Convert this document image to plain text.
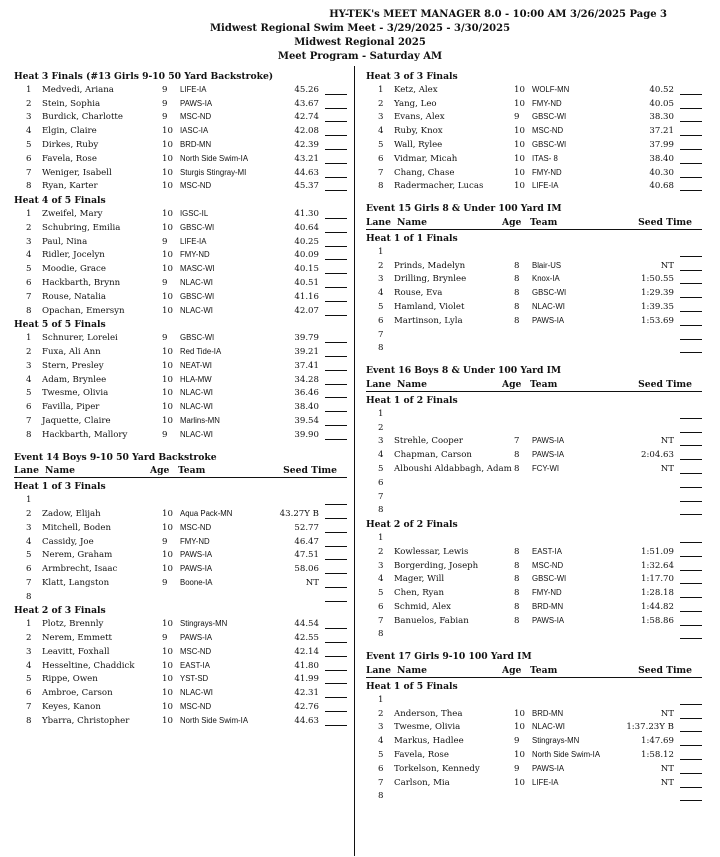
HY-TEK's MEET MANAGER 8.0 - 10:00 AM 3/26/2025 Page 3
Midwest Regional Swim Meet - 3/29/2025 - 3/30/2025
Midwest Regional 2025
Meet Program - Saturday AM
Heat 3 Finals (#13 Girls 9-10 50 Yard Backstroke)
1 Medvedi, Ariana	9 LIFE-IA	45.26
2 Stein, Sophia	9 PAWS-IA	43.67
3 Burdick, Charlotte	9 MSC-ND	42.74
4 Elgin, Claire	10 IASC-IA	42.08
5 Dirkes, Ruby	10 BRD-MN	42.39
6 Favela, Rose	10 North Side Swim-IA	43.21
7 Weniger, Isabell	10 Sturgis Stingray-MI	44.63
8 Ryan, Karter	10 MSC-ND	45.37
Heat 4 of 5 Finals
1 Zweifel, Mary	10 IGSC-IL	41.30
2 Schubring, Emilia	10 GBSC-WI	40.64
3 Paul, Nina	9 LIFE-IA	40.25
4 Ridler, Jocelyn	10 FMY-ND	40.09
5 Moodie, Grace	10 MASC-WI	40.15
6 Hackbarth, Brynn	9 NLAC-WI	40.51
7 Rouse, Natalia	10 GBSC-WI	41.16
8 Opachan, Emersyn	10 NLAC-WI	42.07
Heat 5 of 5 Finals
1 Schnurer, Lorelei	9 GBSC-WI	39.79
2 Fuxa, Ali Ann	10 Red Tide-IA	39.21
3 Stern, Presley	10 NEAT-WI	37.41
4 Adam, Brynlee	10 HLA-MW	34.28
5 Twesme, Olivia	10 NLAC-WI	36.46
6 Favilla, Piper	10 NLAC-WI	38.40
7 Jaquette, Claire	10 Marlins-MN	39.54
8 Hackbarth, Mallory	9 NLAC-WI	39.90
Event 14 Boys 9-10 50 Yard Backstroke
Lane Name	Age Team	Seed Time
Heat 1 of 3 Finals
1
2 Zadow, Elijah	10 Aqua Pack-MN	43.27Y B
3 Mitchell, Boden	10 MSC-ND	52.77
4 Cassidy, Joe	9 FMY-ND	46.47
5 Nerem, Graham	10 PAWS-IA	47.51
6 Armbrecht, Isaac	10 PAWS-IA	58.06
7 Klatt, Langston	9 Boone-IA	NT
8
Heat 2 of 3 Finals
1 Plotz, Brennly	10 Stingrays-MN	44.54
2 Nerem, Emmett	9 PAWS-IA	42.55
3 Leavitt, Foxhall	10 MSC-ND	42.14
4 Hesseltine, Chaddick	10 EAST-IA	41.80
5 Rippe, Owen	10 YST-SD	41.99
6 Ambroe, Carson	10 NLAC-WI	42.31
7 Keyes, Kanon	10 MSC-ND	42.76
8 Ybarra, Christopher	10 North Side Swim-IA	44.63
Heat 3 of 3 Finals
1 Ketz, Alex	10 WOLF-MN	40.52
2 Yang, Leo	10 FMY-ND	40.05
3 Evans, Alex	9 GBSC-WI	38.30
4 Ruby, Knox	10 MSC-ND	37.21
5 Wall, Rylee	10 GBSC-WI	37.99
6 Vidmar, Micah	10 ITAS- 8	38.40
7 Chang, Chase	10 FMY-ND	40.30
8 Radermacher, Lucas	10 LIFE-IA	40.68
Event 15 Girls 8 & Under 100 Yard IM
Lane Name	Age Team	Seed Time
Heat 1 of 1 Finals
1
2 Prinds, Madelyn	8 Blair-US	NT
3 Drilling, Brynlee	8 Knox-IA	1:50.55
4 Rouse, Eva	8 GBSC-WI	1:29.39
5 Hamland, Violet	8 NLAC-WI	1:39.35
6 Martinson, Lyla	8 PAWS-IA	1:53.69
7
8
Event 16 Boys 8 & Under 100 Yard IM
Lane Name	Age Team	Seed Time
Heat 1 of 2 Finals
1
2
3 Strehle, Cooper	7 PAWS-IA	NT
4 Chapman, Carson	8 PAWS-IA	2:04.63
5 Alboushi Aldabbagh, Adam 8 FCY-WI	NT
6
7
8
Heat 2 of 2 Finals
1
2 Kowlessar, Lewis	8 EAST-IA	1:51.09
3 Borgerding, Joseph	8 MSC-ND	1:32.64
4 Mager, Will	8 GBSC-WI	1:17.70
5 Chen, Ryan	8 FMY-ND	1:28.18
6 Schmid, Alex	8 BRD-MN	1:44.82
7 Banuelos, Fabian	8 PAWS-IA	1:58.86
8
Event 17 Girls 9-10 100 Yard IM
Lane Name	Age Team	Seed Time
Heat 1 of 5 Finals
1
2 Anderson, Thea	10 BRD-MN	NT
3 Twesme, Olivia	10 NLAC-WI	1:37.23Y B
4 Markus, Hadlee	9 Stingrays-MN	1:47.69
5 Favela, Rose	10 North Side Swim-IA	1:58.12
6 Torkelson, Kennedy	9 PAWS-IA	NT
7 Carlson, Mia	10 LIFE-IA	NT
8
